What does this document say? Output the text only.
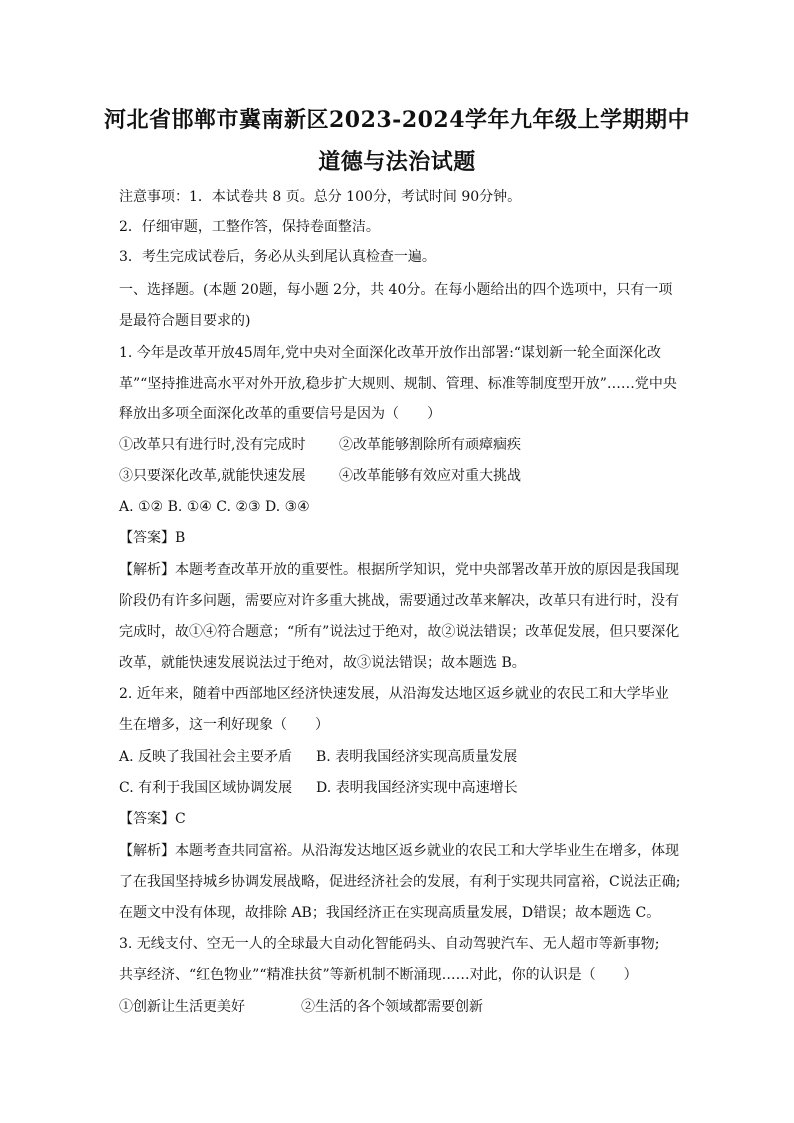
河北省邯郸市冀南新区2023-2024学年九年级上学期期中
道德与法治试题
注意事项：1．本试卷共 8 页。总分 100分，考试时间 90分钟。
2．仔细审题，工整作答，保持卷面整洁。
3．考生完成试卷后，务必从头到尾认真检查一遍。
一、选择题。(本题 20题，每小题 2分，共 40分。在每小题给出的四个选项中，只有一项
是最符合题目要求的)
1. 今年是改革开放45周年,党中央对全面深化改革开放作出部署:“谋划新一轮全面深化改
革”“坚持推进高水平对外开放,稳步扩大规则、规制、管理、标准等制度型开放”……党中央
释放出多项全面深化改革的重要信号是因为（　　）
①改革只有进行时,没有完成时 ②改革能够割除所有顽瘴痼疾
③只要深化改革,就能快速发展 ④改革能够有效应对重大挑战
A. ①② B. ①④ C. ②③ D. ③④
【答案】B
【解析】本题考查改革开放的重要性。根据所学知识，党中央部署改革开放的原因是我国现
阶段仍有许多问题，需要应对许多重大挑战，需要通过改革来解决，改革只有进行时，没有
完成时，故①④符合题意；“所有”说法过于绝对，故②说法错误；改革促发展，但只要深化
改革，就能快速发展说法过于绝对，故③说法错误；故本题选 B。
2. 近年来，随着中西部地区经济快速发展，从沿海发达地区返乡就业的农民工和大学毕业
生在增多，这一利好现象（　　）
A. 反映了我国社会主要矛盾 B. 表明我国经济实现高质量发展
C. 有利于我国区域协调发展 D. 表明我国经济实现中高速增长
【答案】C
【解析】本题考查共同富裕。从沿海发达地区返乡就业的农民工和大学毕业生在增多，体现
了在我国坚持城乡协调发展战略，促进经济社会的发展，有利于实现共同富裕，C说法正确;
在题文中没有体现，故排除 AB；我国经济正在实现高质量发展，D错误；故本题选 C。
3. 无线支付、空无一人的全球最大自动化智能码头、自动驾驶汽车、无人超市等新事物;
共享经济、“红色物业”“精准扶贫”等新机制不断涌现……对此，你的认识是（　　）
①创新让生活更美好	②生活的各个领域都需要创新
